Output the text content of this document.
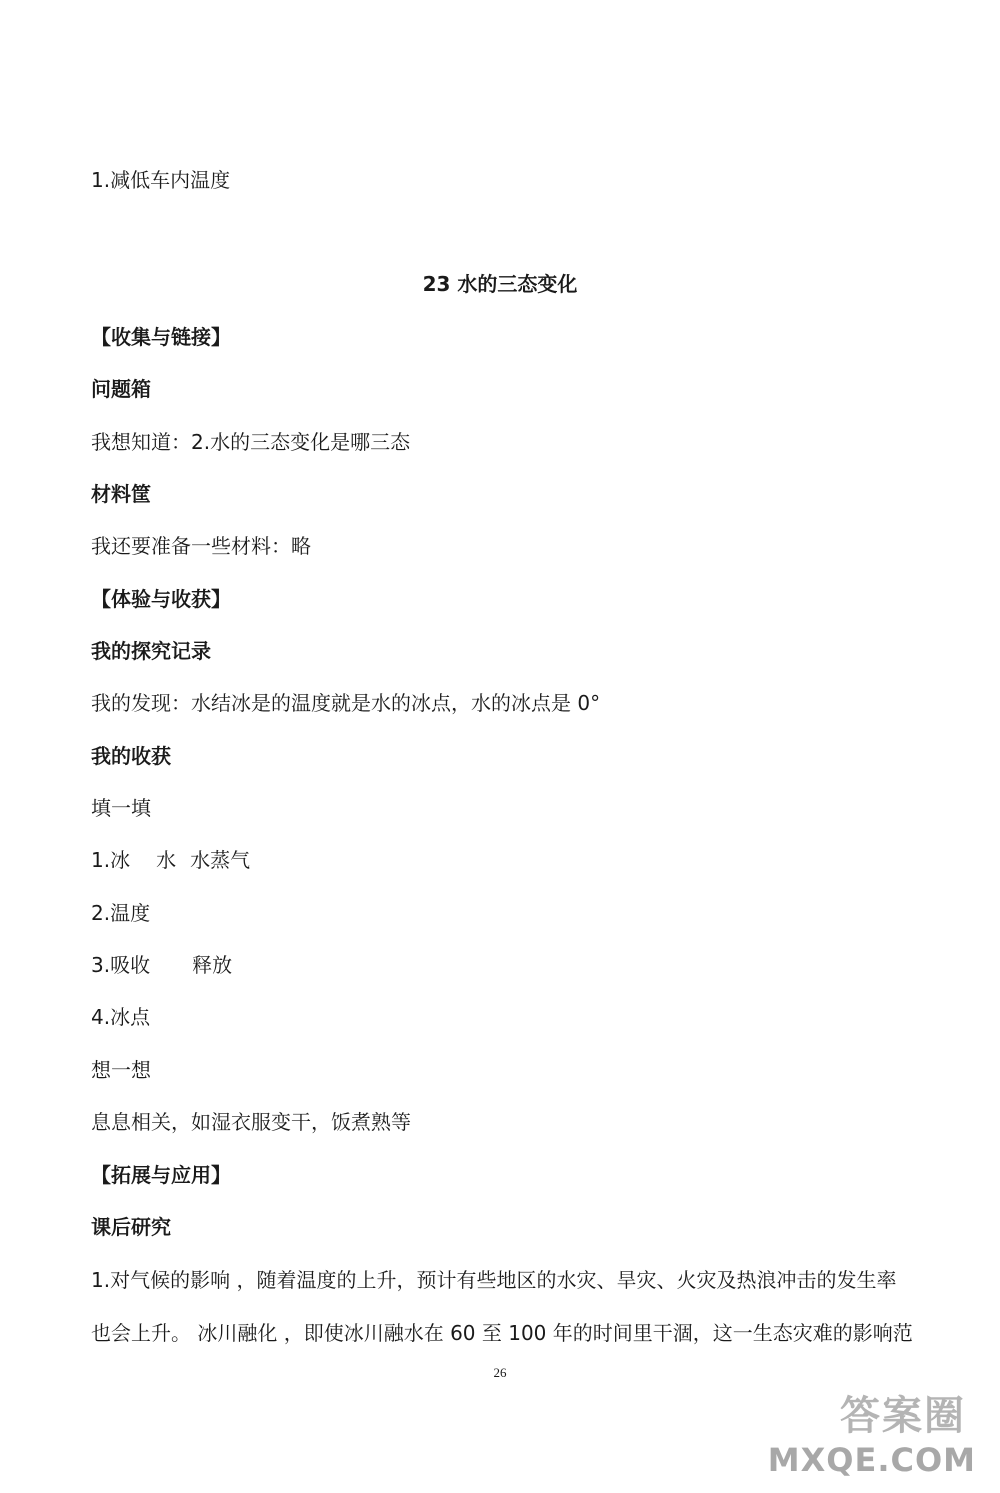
1.减低车内温度

23 水的三态变化

【收集与链接】

问题箱

我想知道：2.水的三态变化是哪三态

材料筐

我还要准备一些材料：略

【体验与收获】

我的探究记录

我的发现：水结冰是的温度就是水的冰点，水的冰点是 0°

我的收获

填一填

1.冰 水 水蒸气

2.温度

3.吸收 释放

4.冰点

想一想

息息相关，如湿衣服变干，饭煮熟等

【拓展与应用】

课后研究

1.对气候的影响 ，随着温度的上升，预计有些地区的水灾、旱灾、火灾及热浪冲击的发生率

也会上升。 冰川融化 ，即使冰川融水在 60 至 100 年的时间里干涸，这一生态灾难的影响范

26
答案圈
MXQE.COM
